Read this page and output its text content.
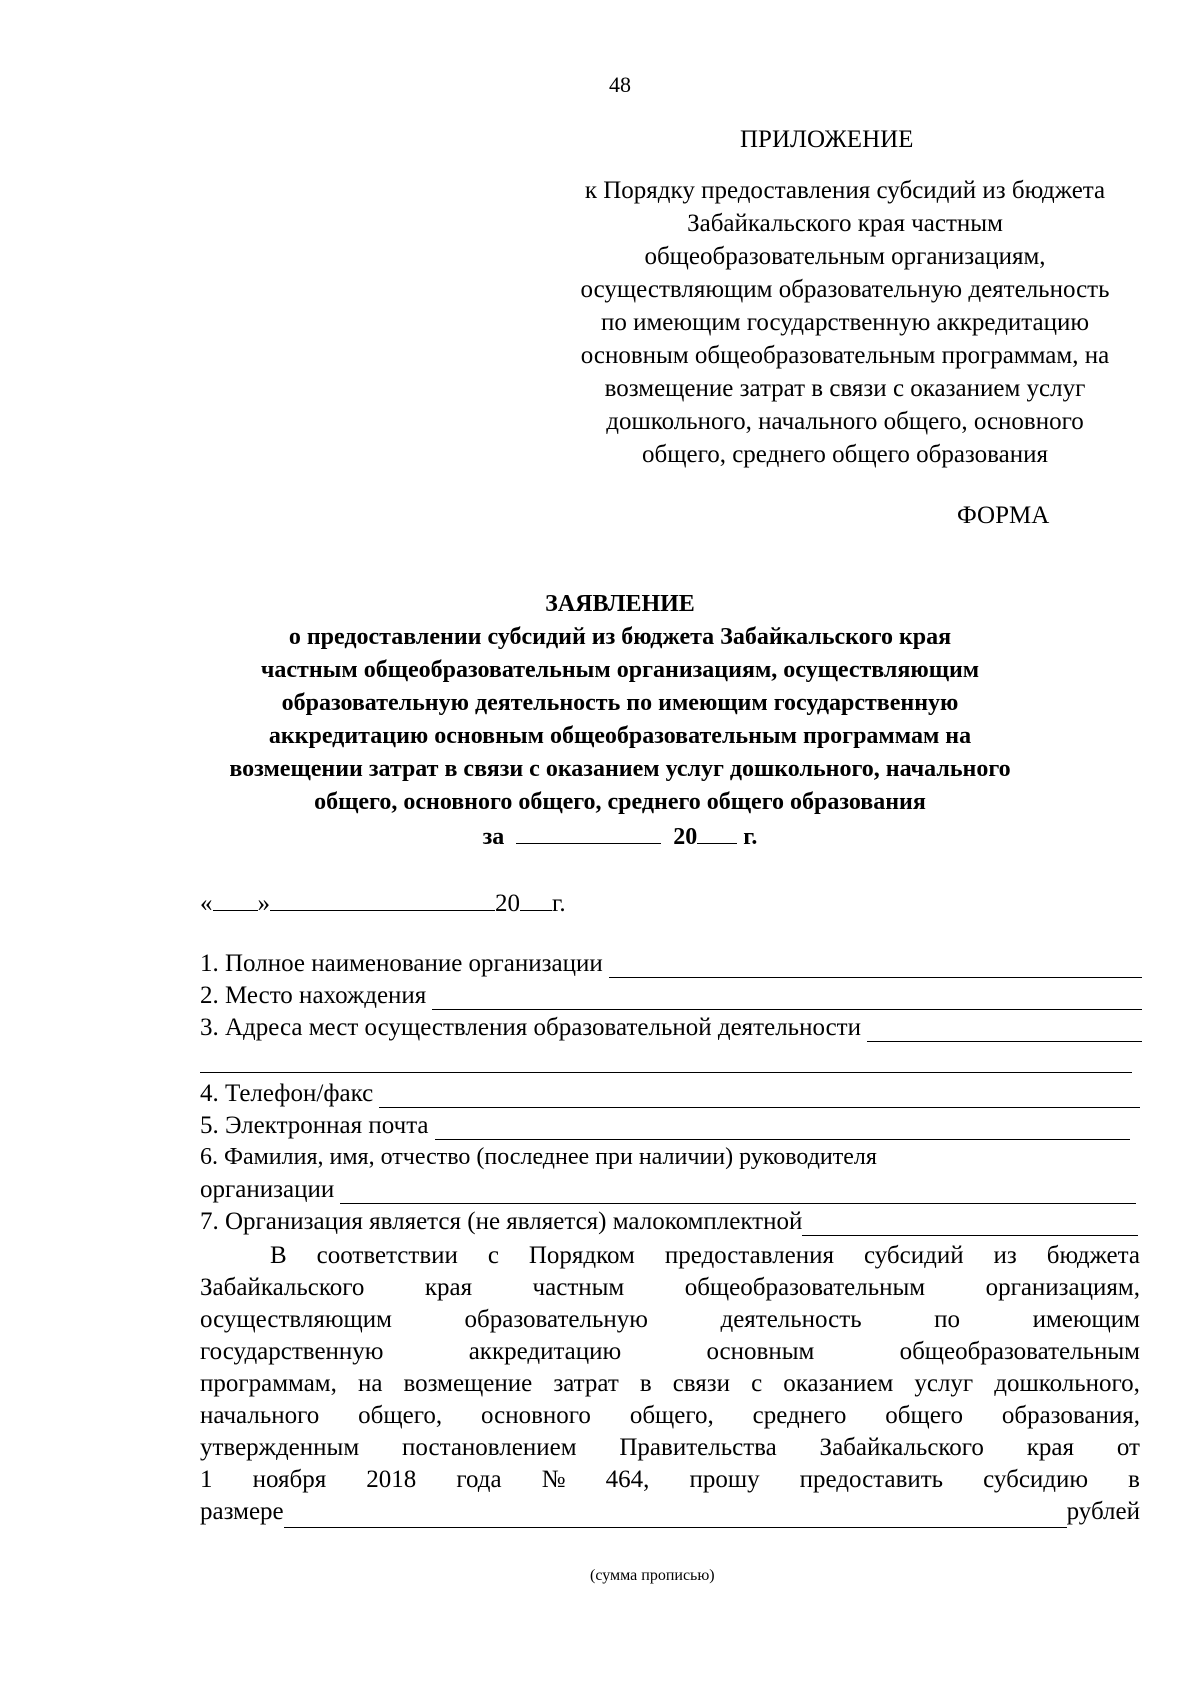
48
ПРИЛОЖЕНИЕ
к Порядку предоставления субсидий из бюджета
Забайкальского края частным
общеобразовательным организациям,
осуществляющим образовательную деятельность
по имеющим государственную аккредитацию
основным общеобразовательным программам, на
возмещение затрат в связи с оказанием услуг
дошкольного, начального общего, основного
общего, среднего общего образования
ФОРМА
ЗАЯВЛЕНИЕ
о предоставлении субсидий из бюджета Забайкальского края
частным общеобразовательным организациям, осуществляющим
образовательную деятельность по имеющим государственную
аккредитацию основным общеобразовательным программам на
возмещении затрат в связи с оказанием услуг дошкольного, начального
общего, основного общего, среднего общего образования
за	20 г.
« »	20 г.
1. Полное наименование организации
2. Место нахождения
3. Адреса мест осуществления образовательной деятельности
4. Телефон/факс
5. Электронная почта
6. Фамилия, имя, отчество (последнее при наличии) руководителя
организации
7. Организация является (не является) малокомплектной
В соответствии с Порядком предоставления субсидий из бюджета
Забайкальского края частным общеобразовательным организациям,
осуществляющим	образовательную	деятельность	по	имеющим
государственную	аккредитацию	основным	общеобразовательным
программам, на возмещение затрат в связи с оказанием услуг дошкольного,
начального общего, основного общего, среднего общего образования,
утвержденным постановлением Правительства Забайкальского края от
1 ноября 2018 года № 464, прошу предоставить субсидию в
размере	рублей
(сумма прописью)
